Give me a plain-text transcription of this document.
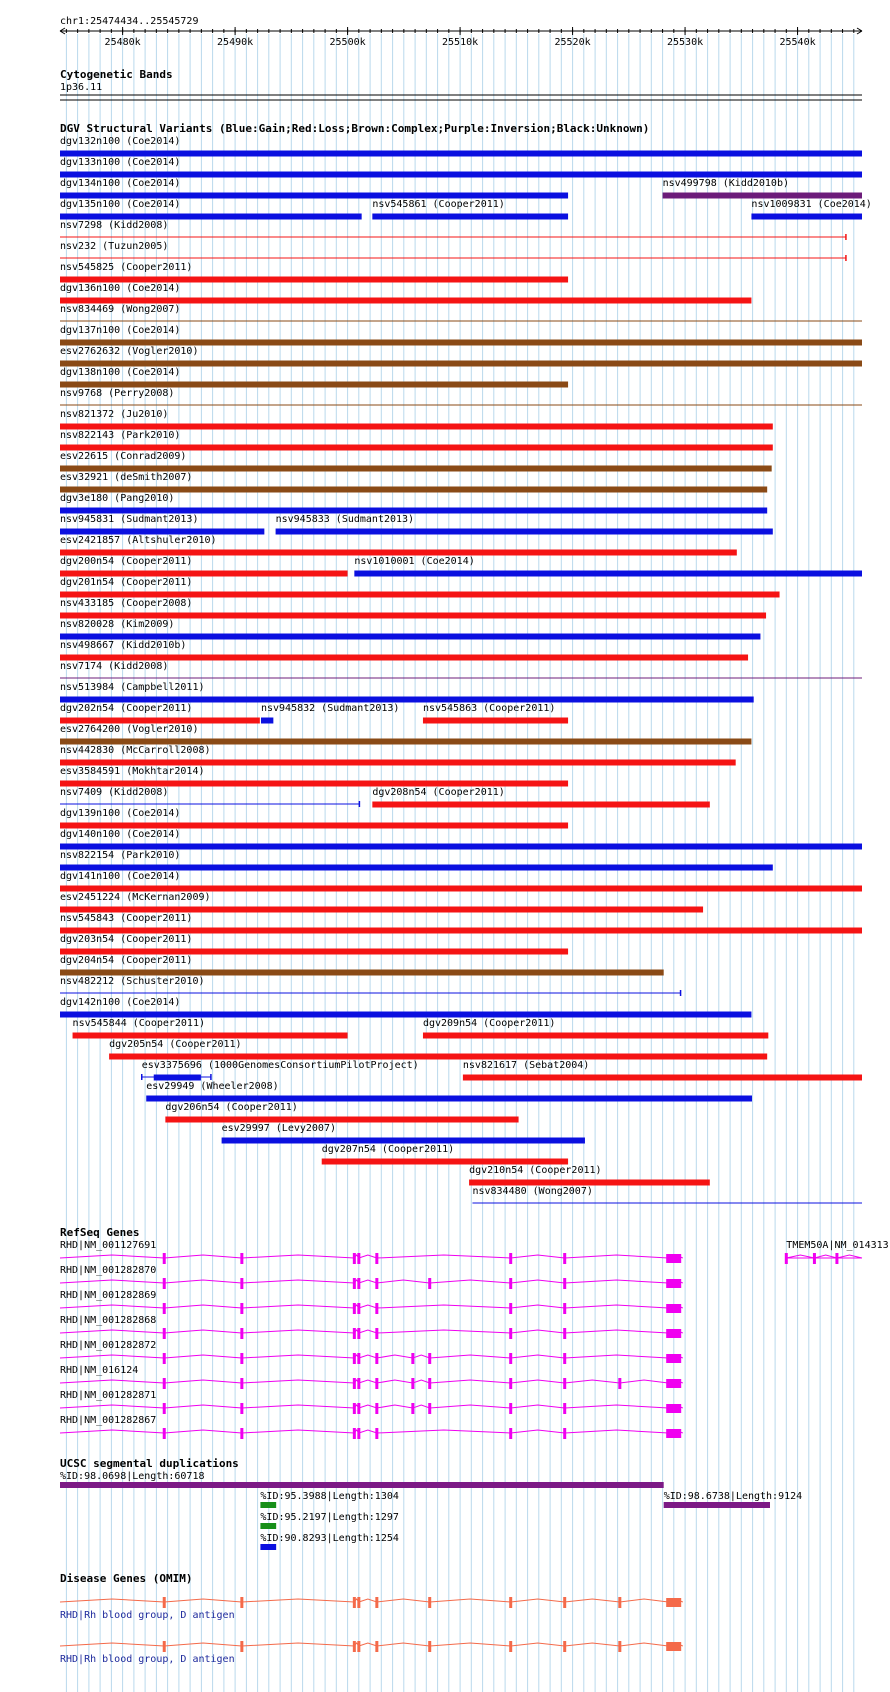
chr1:25474434..25545729
25480k	25490k	25500k	25510k	25520k	25530k	25540k
Cytogenetic Bands
1p36.11
DGV Structural Variants (Blue:Gain;Red:Loss;Brown:Complex;Purple:Inversion;Black:Unknown)
dgv132n100 (Coe2014)
dgv133n100 (Coe2014)
dgv134n100 (Coe2014)	nsv499798 (Kidd2010b)
dgv135n100 (Coe2014)	nsv545861 (Cooper2011)	nsv1009831 (Coe2014)
nsv7298 (Kidd2008)
nsv232 (Tuzun2005)
nsv545825 (Cooper2011)
dgv136n100 (Coe2014)
nsv834469 (Wong2007)
dgv137n100 (Coe2014)
esv2762632 (Vogler2010)
dgv138n100 (Coe2014)
nsv9768 (Perry2008)
nsv821372 (Ju2010)
nsv822143 (Park2010)
esv22615 (Conrad2009)
esv32921 (deSmith2007)
dgv3e180 (Pang2010)
nsv945831 (Sudmant2013)	nsv945833 (Sudmant2013)
esv2421857 (Altshuler2010)
dgv200n54 (Cooper2011)	nsv1010001 (Coe2014)
dgv201n54 (Cooper2011)
nsv433185 (Cooper2008)
nsv820028 (Kim2009)
nsv498667 (Kidd2010b)
nsv7174 (Kidd2008)
nsv513984 (Campbell2011)
dgv202n54 (Cooper2011)	nsv945832 (Sudmant2013) nsv545863 (Cooper2011)
esv2764200 (Vogler2010)
nsv442830 (McCarroll2008)
esv3584591 (Mokhtar2014)
nsv7409 (Kidd2008)	dgv208n54 (Cooper2011)
dgv139n100 (Coe2014)
dgv140n100 (Coe2014)
nsv822154 (Park2010)
dgv141n100 (Coe2014)
esv2451224 (McKernan2009)
nsv545843 (Cooper2011)
dgv203n54 (Cooper2011)
dgv204n54 (Cooper2011)
nsv482212 (Schuster2010)
dgv142n100 (Coe2014)
nsv545844 (Cooper2011)	dgv209n54 (Cooper2011)
dgv205n54 (Cooper2011)
esv3375696 (1000GenomesConsortiumPilotProject)	nsv821617 (Sebat2004)
esv29949 (Wheeler2008)
dgv206n54 (Cooper2011)
esv29997 (Levy2007)
dgv207n54 (Cooper2011)
dgv210n54 (Cooper2011)
nsv834480 (Wong2007)
RefSeq Genes
RHD|NM_001127691
RHD|NM_001282870
RHD|NM_001282869
RHD|NM_001282868
RHD|NM_001282872
RHD|NM_016124
RHD|NM_001282871
RHD|NM_001282867
TMEM50A|NM_014313
UCSC segmental duplications
%ID:98.0698|Length:60718
%ID:95.3988|Length:1304
%ID:95.2197|Length:1297
%ID:90.8293|Length:1254
%ID:98.6738|Length:9124
Disease Genes (OMIM)
RHD|Rh blood group, D antigen
RHD|Rh blood group, D antigen
